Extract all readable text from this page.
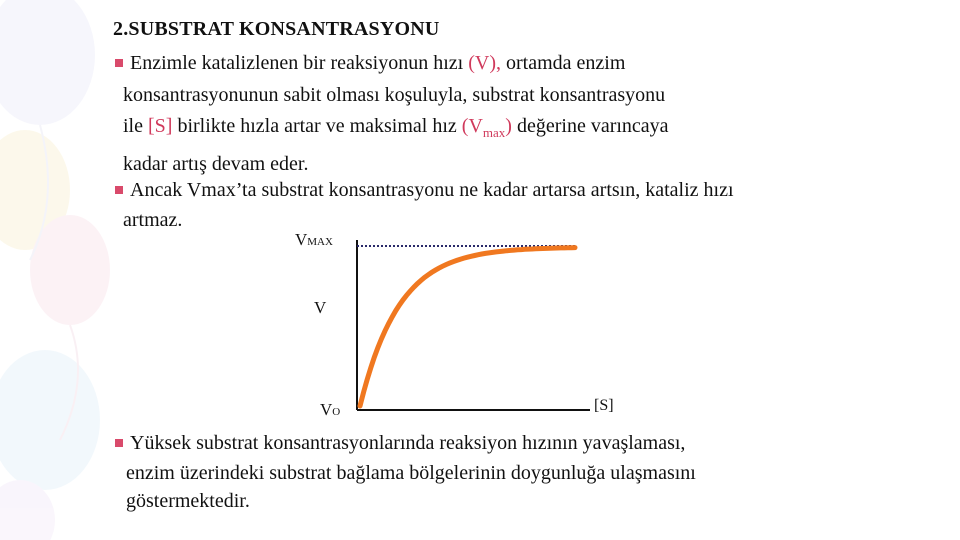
2.SUBSTRAT KONSANTRASYONU
Enzimle katalizlenen bir reaksiyonun hızı (V), ortamda enzim
konsantrasyonunun sabit olması koşuluyla, substrat konsantrasyonu
ile [S] birlikte hızla artar ve maksimal hız $(V_{max})$ değerine varıncaya
kadar artış devam eder.
Ancak Vmax’ta substrat konsantrasyonu ne kadar artarsa artsın, kataliz hızı
artmaz.
VMAX
V
VO	[S]
Yüksek substrat konsantrasyonlarında reaksiyon hızının yavaşlaması,
enzim üzerindeki substrat bağlama bölgelerinin doygunluğa ulaşmasını
göstermektedir.
